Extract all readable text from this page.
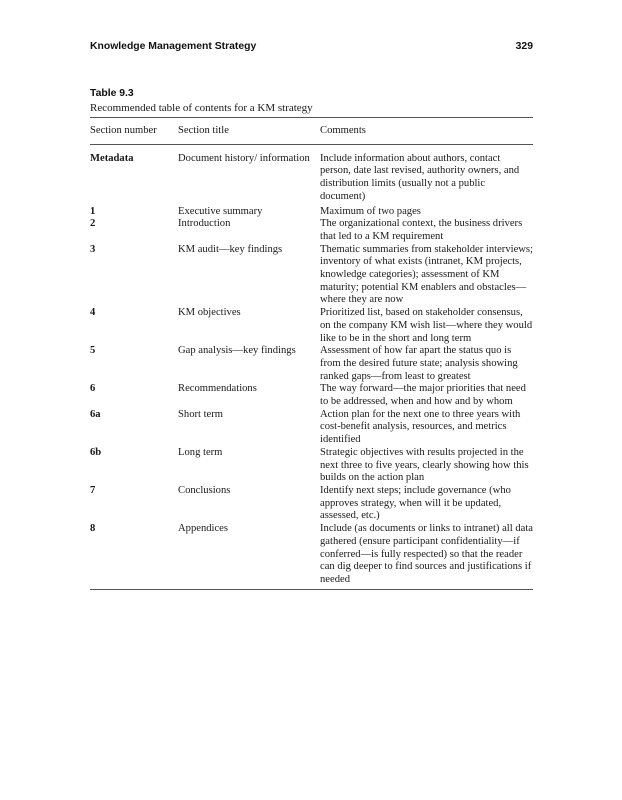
Knowledge Management Strategy	329
Table 9.3
Recommended table of contents for a KM strategy
Section number	Section title	Comments
Metadata	Document history/ information	Include information about authors, contact person, date last revised, authority owners, and distribution limits (usually not a public document)
1	Executive summary	Maximum of two pages
2	Introduction	The organizational context, the business drivers that led to a KM requirement
3	KM audit—key findings	Thematic summaries from stakeholder interviews; inventory of what exists (intranet, KM projects, knowledge categories); assessment of KM maturity; potential KM enablers and obstacles—where they are now
4	KM objectives	Prioritized list, based on stakeholder consensus, on the company KM wish list—where they would like to be in the short and long term
5	Gap analysis—key findings	Assessment of how far apart the status quo is from the desired future state; analysis showing ranked gaps—from least to greatest
6	Recommendations	The way forward—the major priorities that need to be addressed, when and how and by whom
6a	Short term	Action plan for the next one to three years with cost-benefit analysis, resources, and metrics identified
6b	Long term	Strategic objectives with results projected in the next three to five years, clearly showing how this builds on the action plan
7	Conclusions	Identify next steps; include governance (who approves strategy, when will it be updated, assessed, etc.)
8	Appendices	Include (as documents or links to intranet) all data gathered (ensure participant confidentiality—if conferred—is fully respected) so that the reader can dig deeper to find sources and justifications if needed
